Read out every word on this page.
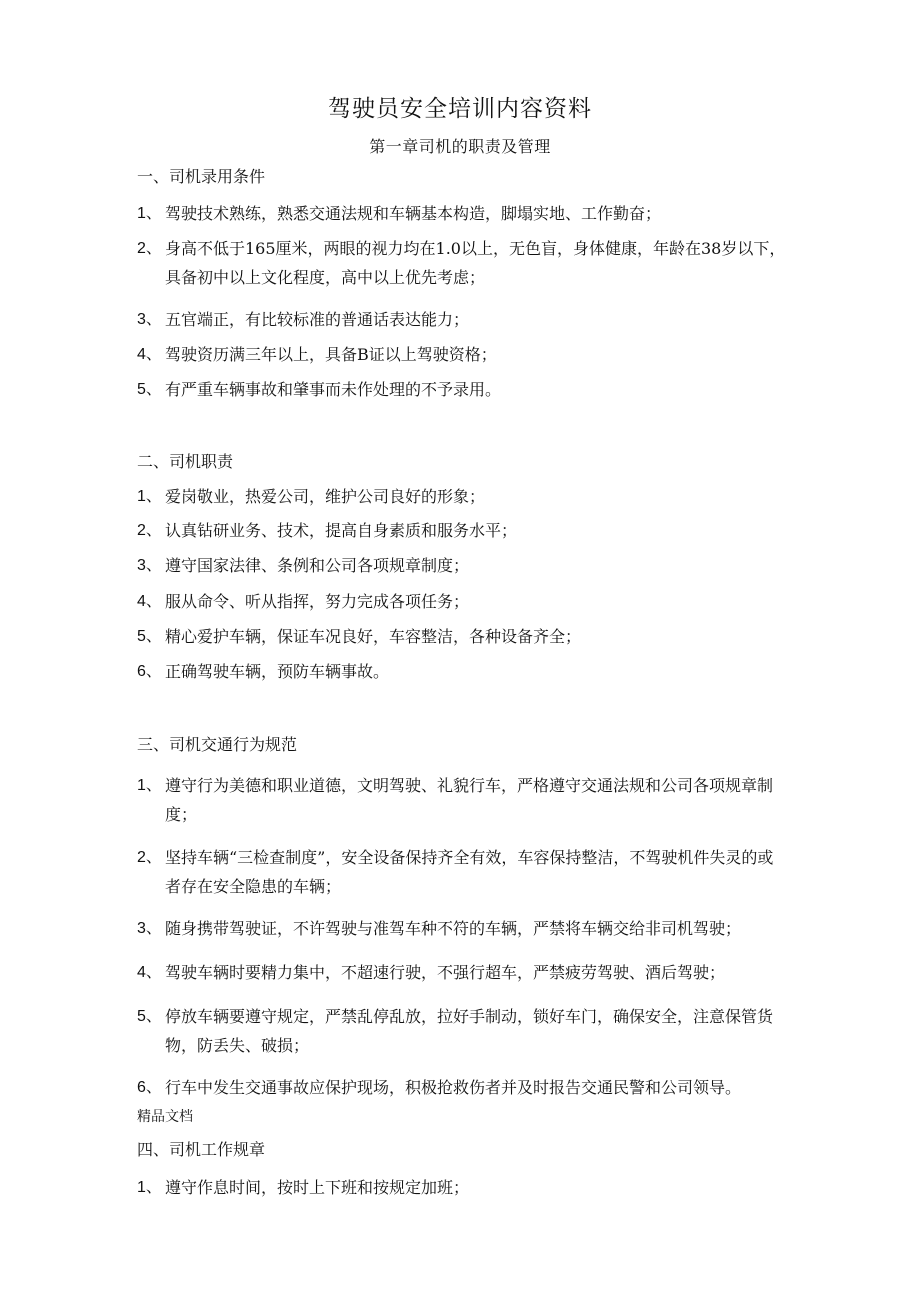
驾驶员安全培训内容资料
第一章司机的职责及管理
一、司机录用条件
1、 驾驶技术熟练，熟悉交通法规和车辆基本构造，脚塌实地、工作勤奋；
2、 身高不低于165厘米，两眼的视力均在1.0以上，无色盲，身体健康，年龄在38岁以下，具备初中以上文化程度，高中以上优先考虑；
3、 五官端正，有比较标准的普通话表达能力；
4、 驾驶资历满三年以上，具备B证以上驾驶资格；
5、 有严重车辆事故和肇事而未作处理的不予录用。
二、司机职责
1、 爱岗敬业，热爱公司，维护公司良好的形象；
2、 认真钻研业务、技术，提高自身素质和服务水平；
3、 遵守国家法律、条例和公司各项规章制度；
4、 服从命令、听从指挥，努力完成各项任务；
5、 精心爱护车辆，保证车况良好，车容整洁，各种设备齐全；
6、 正确驾驶车辆，预防车辆事故。
三、司机交通行为规范
1、 遵守行为美德和职业道德，文明驾驶、礼貌行车，严格遵守交通法规和公司各项规章制度；
2、 坚持车辆“三检查制度”，安全设备保持齐全有效，车容保持整洁，不驾驶机件失灵的或者存在安全隐患的车辆；
3、 随身携带驾驶证，不许驾驶与准驾车种不符的车辆，严禁将车辆交给非司机驾驶；
4、 驾驶车辆时要精力集中，不超速行驶，不强行超车，严禁疲劳驾驶、酒后驾驶；
5、 停放车辆要遵守规定，严禁乱停乱放，拉好手制动，锁好车门，确保安全，注意保管货物，防丢失、破损；
6、 行车中发生交通事故应保护现场，积极抢救伤者并及时报告交通民警和公司领导。
精品文档
四、司机工作规章
1、 遵守作息时间，按时上下班和按规定加班；
